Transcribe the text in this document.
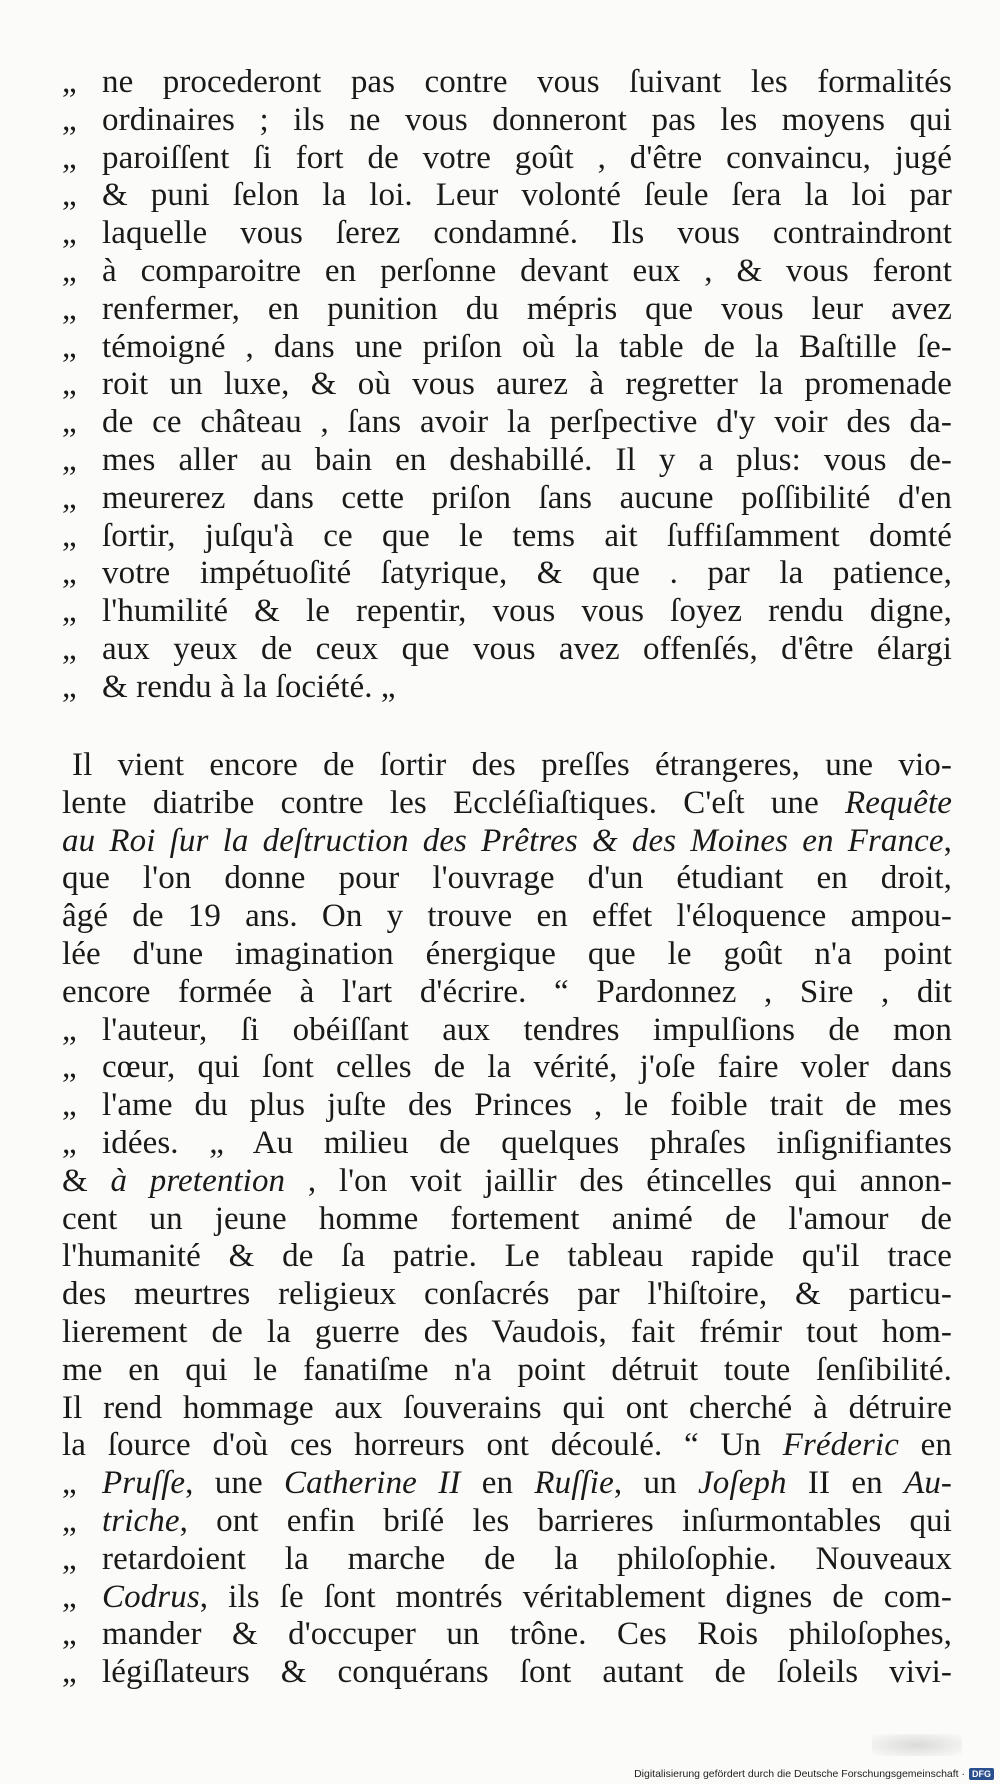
„ ne procederont pas contre vous ſuivant les formalités
„ ordinaires ; ils ne vous donneront pas les moyens qui
„ paroiſſent ſi fort de votre goût , d'être convaincu, jugé
„ & puni ſelon la loi. Leur volonté ſeule ſera la loi par
„ laquelle vous ſerez condamné. Ils vous contraindront
„ à comparoitre en perſonne devant eux , & vous feront
„ renfermer, en punition du mépris que vous leur avez
„ témoigné , dans une priſon où la table de la Baſtille ſe-
„ roit un luxe, & où vous aurez à regretter la promenade
„ de ce château , ſans avoir la perſpective d'y voir des da-
„ mes aller au bain en deshabillé. Il y a plus: vous de-
„ meurerez dans cette priſon ſans aucune poſſibilité d'en
„ ſortir, juſqu'à ce que le tems ait ſuffiſamment domté
„ votre impétuoſité ſatyrique, & que . par la patience,
„ l'humilité & le repentir, vous vous ſoyez rendu digne,
„ aux yeux de ceux que vous avez offenſés, d'être élargi
„ & rendu à la ſociété. „
Il vient encore de ſortir des preſſes étrangeres, une vio-
lente diatribe contre les Eccléſiaſtiques. C'eſt une Requête
au Roi ſur la deſtruction des Prêtres & des Moines en France,
que l'on donne pour l'ouvrage d'un étudiant en droit,
âgé de 19 ans. On y trouve en effet l'éloquence ampou-
lée d'une imagination énergique que le goût n'a point
encore formée à l'art d'écrire. “ Pardonnez , Sire , dit
„ l'auteur, ſi obéiſſant aux tendres impulſions de mon
„ cœur, qui ſont celles de la vérité, j'oſe faire voler dans
„ l'ame du plus juſte des Princes , le foible trait de mes
„ idées. „ Au milieu de quelques phraſes inſignifiantes
& à pretention , l'on voit jaillir des étincelles qui annon-
cent un jeune homme fortement animé de l'amour de
l'humanité & de ſa patrie. Le tableau rapide qu'il trace
des meurtres religieux conſacrés par l'hiſtoire, & particu-
lierement de la guerre des Vaudois, fait frémir tout hom-
me en qui le fanatiſme n'a point détruit toute ſenſibilité.
Il rend hommage aux ſouverains qui ont cherché à détruire
la ſource d'où ces horreurs ont découlé. “ Un Fréderic en
„ Pruſſe, une Catherine II en Ruſſie, un Joſeph II en Au-
„ triche, ont enfin briſé les barrieres inſurmontables qui
„ retardoient la marche de la philoſophie. Nouveaux
„ Codrus, ils ſe ſont montrés véritablement dignes de com-
„ mander & d'occuper un trône. Ces Rois philoſophes,
„ légiſlateurs & conquérans ſont autant de ſoleils vivi-
Digitalisierung gefördert durch die Deutsche Forschungsgemeinschaft · DFG
